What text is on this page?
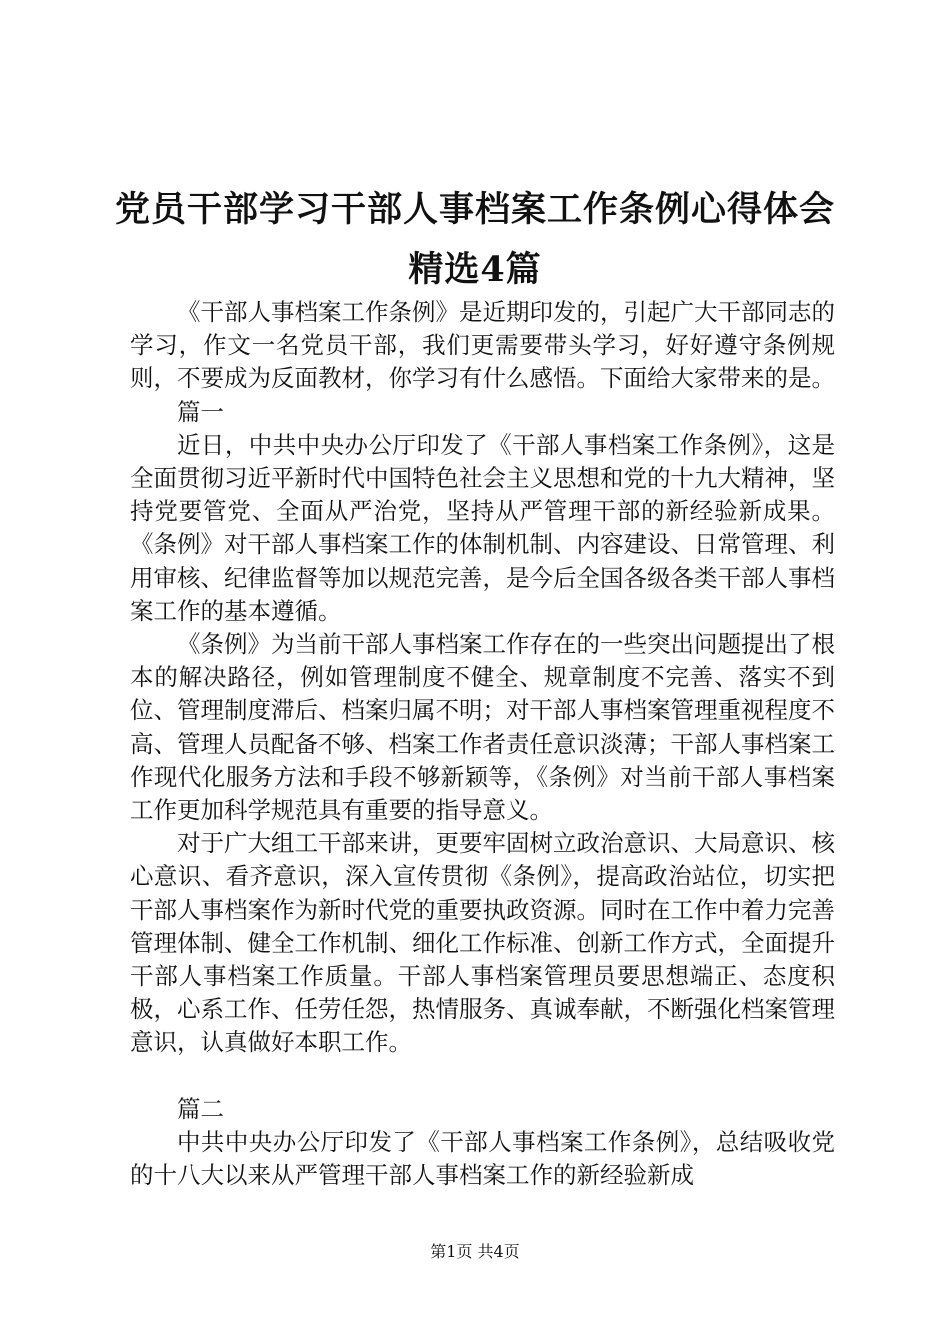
党员干部学习干部人事档案工作条例心得体会
精选4篇

《干部人事档案工作条例》是近期印发的，引起广大干部同志的学习，作文一名党员干部，我们更需要带头学习，好好遵守条例规则，不要成为反面教材，你学习有什么感悟。下面给大家带来的是。

篇一

近日，中共中央办公厅印发了《干部人事档案工作条例》，这是全面贯彻习近平新时代中国特色社会主义思想和党的十九大精神，坚持党要管党、全面从严治党，坚持从严管理干部的新经验新成果。《条例》对干部人事档案工作的体制机制、内容建设、日常管理、利用审核、纪律监督等加以规范完善，是今后全国各级各类干部人事档案工作的基本遵循。

《条例》为当前干部人事档案工作存在的一些突出问题提出了根本的解决路径，例如管理制度不健全、规章制度不完善、落实不到位、管理制度滞后、档案归属不明；对干部人事档案管理重视程度不高、管理人员配备不够、档案工作者责任意识淡薄；干部人事档案工作现代化服务方法和手段不够新颖等，《条例》对当前干部人事档案工作更加科学规范具有重要的指导意义。

对于广大组工干部来讲，更要牢固树立政治意识、大局意识、核心意识、看齐意识，深入宣传贯彻《条例》，提高政治站位，切实把干部人事档案作为新时代党的重要执政资源。同时在工作中着力完善管理体制、健全工作机制、细化工作标准、创新工作方式，全面提升干部人事档案工作质量。干部人事档案管理员要思想端正、态度积极，心系工作、任劳任怨，热情服务、真诚奉献，不断强化档案管理意识，认真做好本职工作。

篇二

中共中央办公厅印发了《干部人事档案工作条例》，总结吸收党的十八大以来从严管理干部人事档案工作的新经验新成

第1页 共4页
